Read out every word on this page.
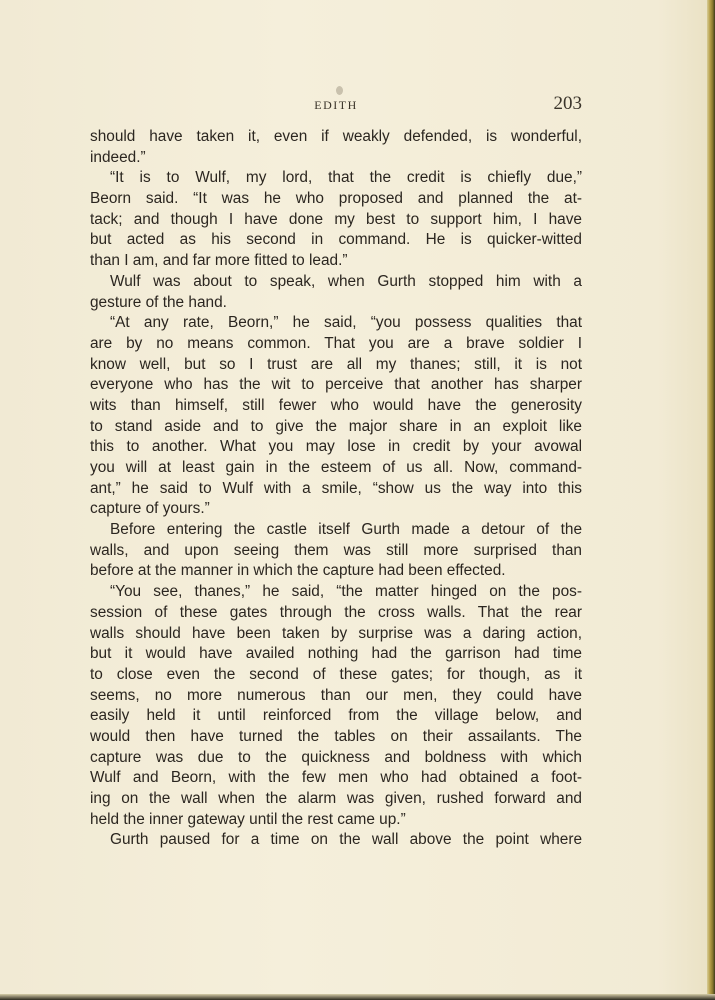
EDITH	203
should have taken it, even if weakly defended, is wonderful,
indeed.”
“It is to Wulf, my lord, that the credit is chiefly due,”
Beorn said. “It was he who proposed and planned the at-
tack; and though I have done my best to support him, I have
but acted as his second in command. He is quicker-witted
than I am, and far more fitted to lead.”
Wulf was about to speak, when Gurth stopped him with a
gesture of the hand.
“At any rate, Beorn,” he said, “you possess qualities that
are by no means common. That you are a brave soldier I
know well, but so I trust are all my thanes; still, it is not
everyone who has the wit to perceive that another has sharper
wits than himself, still fewer who would have the generosity
to stand aside and to give the major share in an exploit like
this to another. What you may lose in credit by your avowal
you will at least gain in the esteem of us all. Now, command-
ant,” he said to Wulf with a smile, “show us the way into this
capture of yours.”
Before entering the castle itself Gurth made a detour of the
walls, and upon seeing them was still more surprised than
before at the manner in which the capture had been effected.
“You see, thanes,” he said, “the matter hinged on the pos-
session of these gates through the cross walls. That the rear
walls should have been taken by surprise was a daring action,
but it would have availed nothing had the garrison had time
to close even the second of these gates; for though, as it
seems, no more numerous than our men, they could have
easily held it until reinforced from the village below, and
would then have turned the tables on their assailants. The
capture was due to the quickness and boldness with which
Wulf and Beorn, with the few men who had obtained a foot-
ing on the wall when the alarm was given, rushed forward and
held the inner gateway until the rest came up.”
Gurth paused for a time on the wall above the point where
